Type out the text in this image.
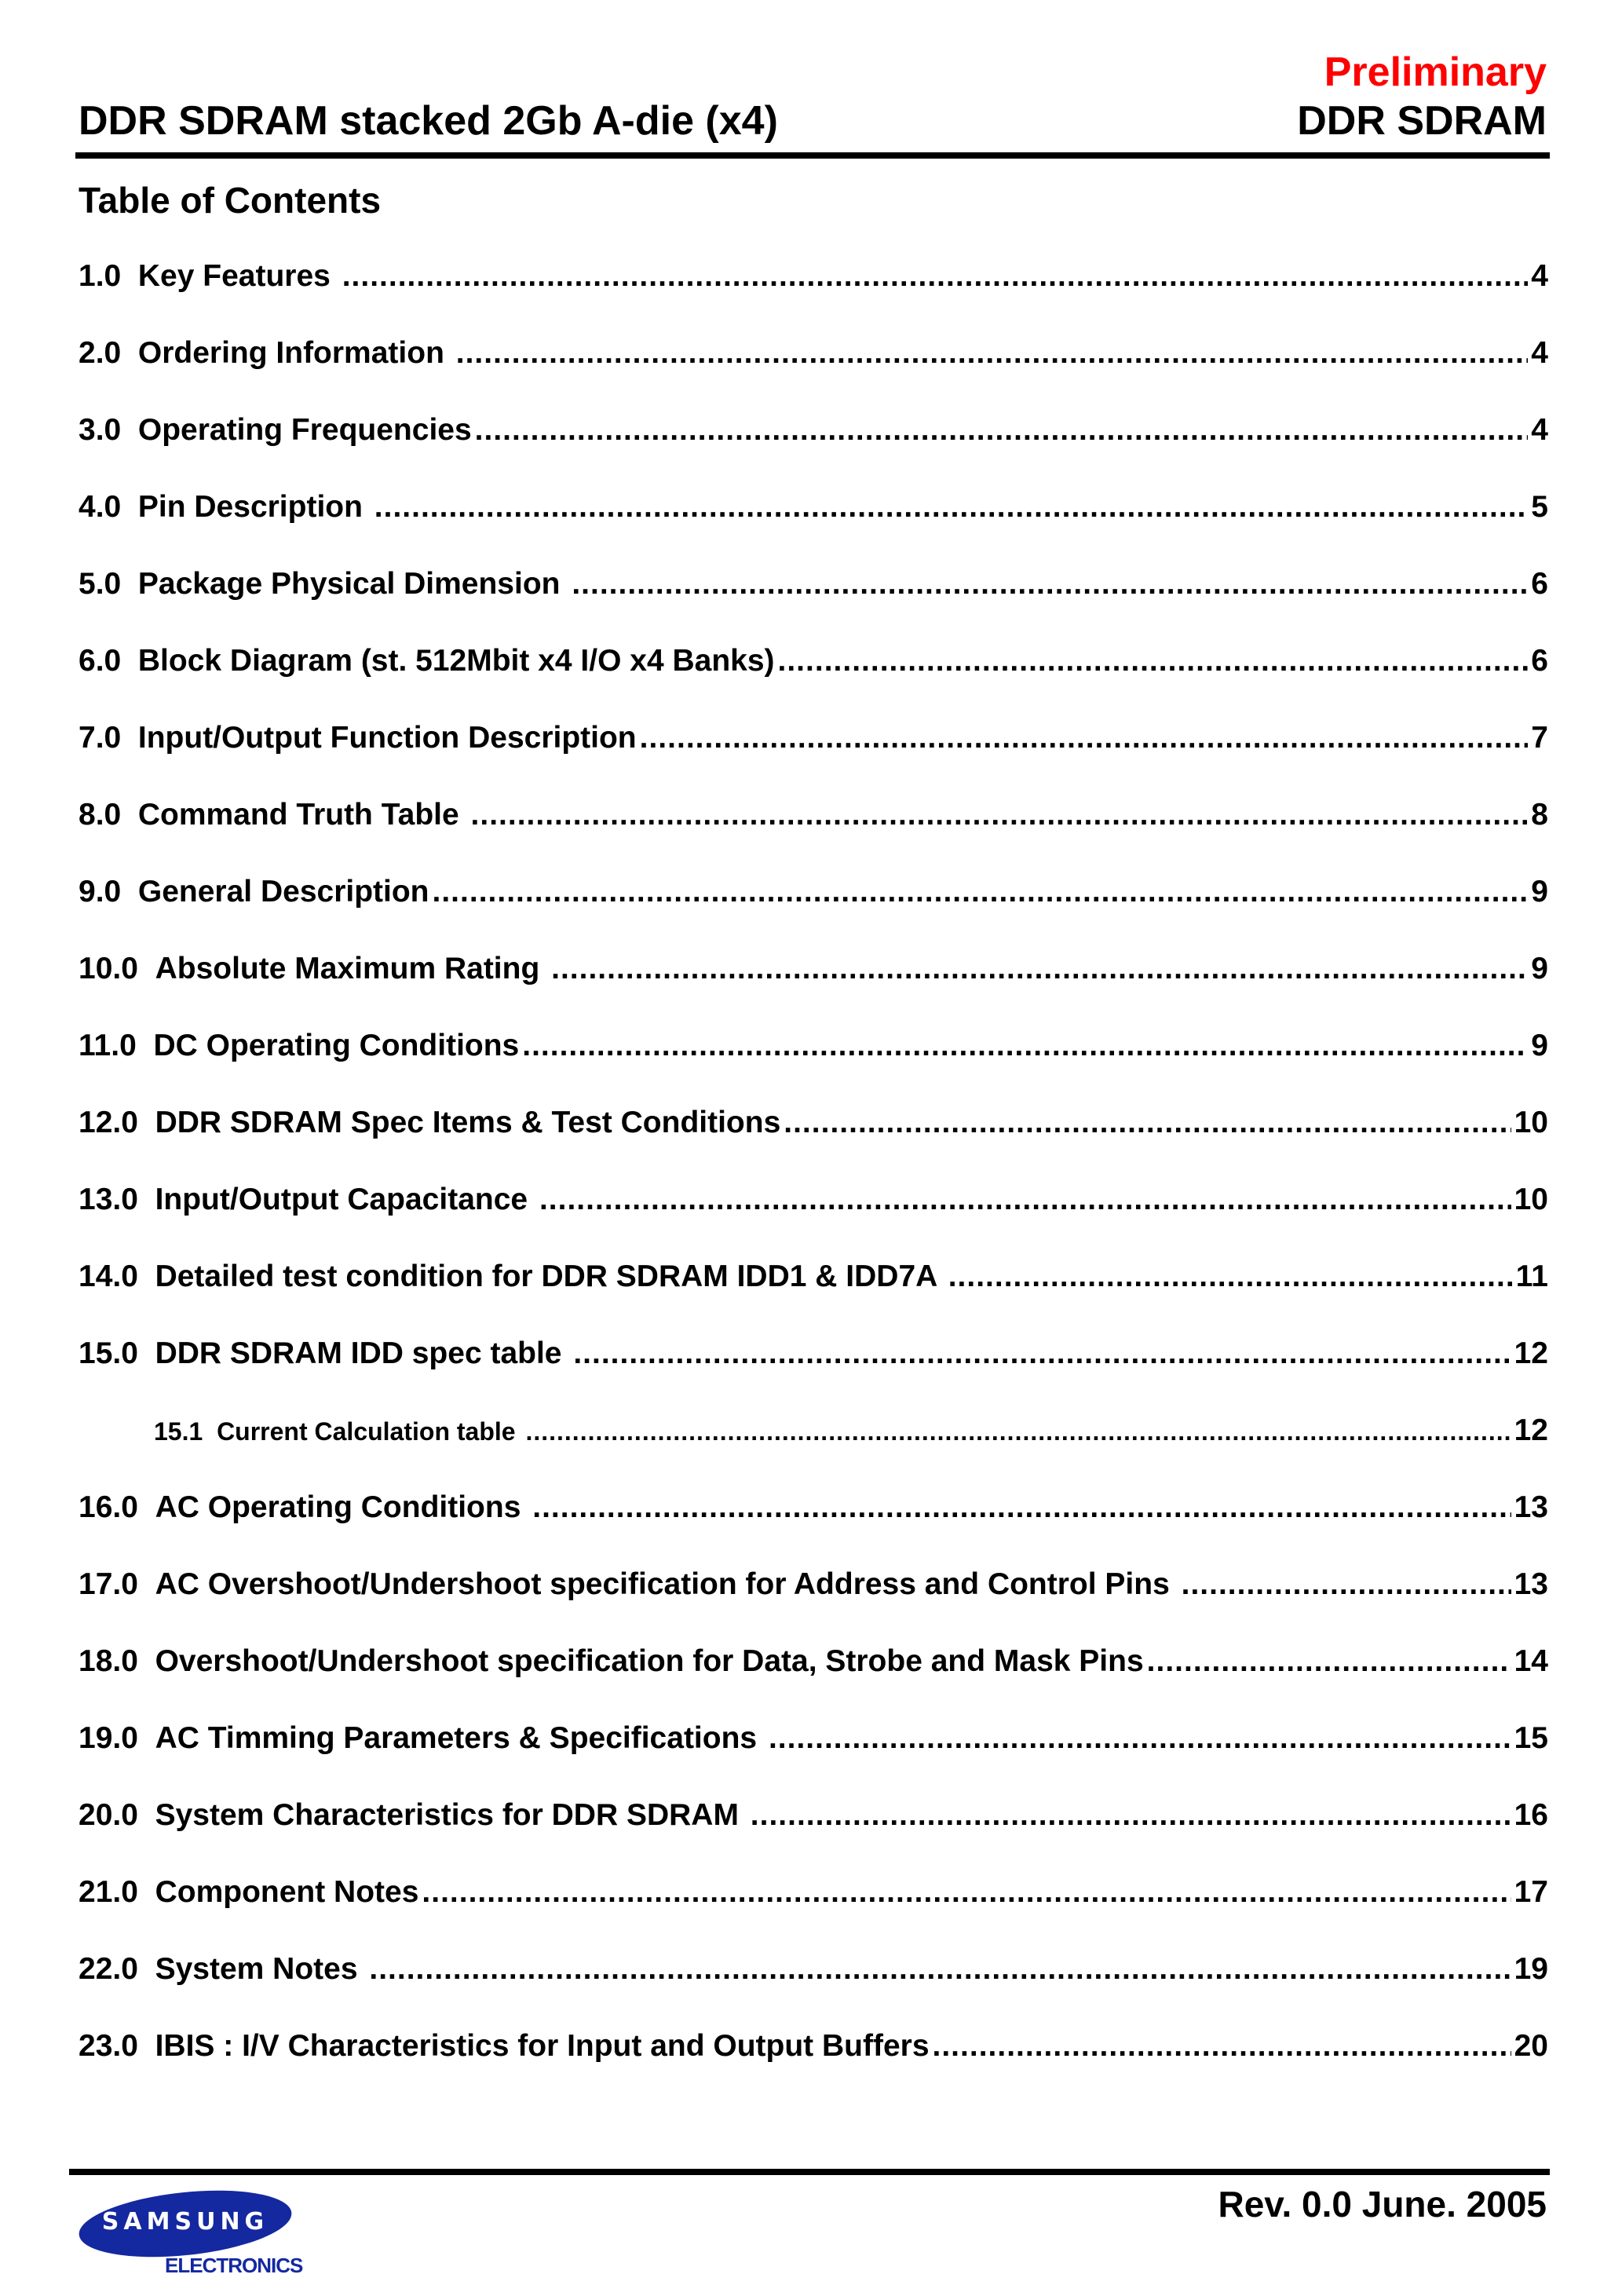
Preliminary
DDR SDRAM stacked 2Gb A-die (x4)	DDR SDRAM
Table of Contents
1.0 Key Features .....	4
2.0 Ordering Information .....	4
3.0 Operating Frequencies .....	4
4.0 Pin Description .....	5
5.0 Package Physical Dimension .....	6
6.0 Block Diagram (st. 512Mbit x4 I/O x4 Banks) .....	6
7.0 Input/Output Function Description .....	7
8.0 Command Truth Table .....	8
9.0 General Description .....	9
10.0 Absolute Maximum Rating .....	9
11.0 DC Operating Conditions .....	9
12.0 DDR SDRAM Spec Items & Test Conditions .....	10
13.0 Input/Output Capacitance .....	10
14.0 Detailed test condition for DDR SDRAM IDD1 & IDD7A .....	11
15.0 DDR SDRAM IDD spec table .....	12
15.1 Current Calculation table .....	12
16.0 AC Operating Conditions .....	13
17.0 AC Overshoot/Undershoot specification for Address and Control Pins .....	13
18.0 Overshoot/Undershoot specification for Data, Strobe and Mask Pins .....	14
19.0 AC Timming Parameters & Specifications .....	15
20.0 System Characteristics for DDR SDRAM .....	16
21.0 Component Notes .....	17
22.0 System Notes .....	19
23.0 IBIS : I/V Characteristics for Input and Output Buffers .....	20
SAMSUNG
ELECTRONICS
Rev. 0.0 June. 2005
